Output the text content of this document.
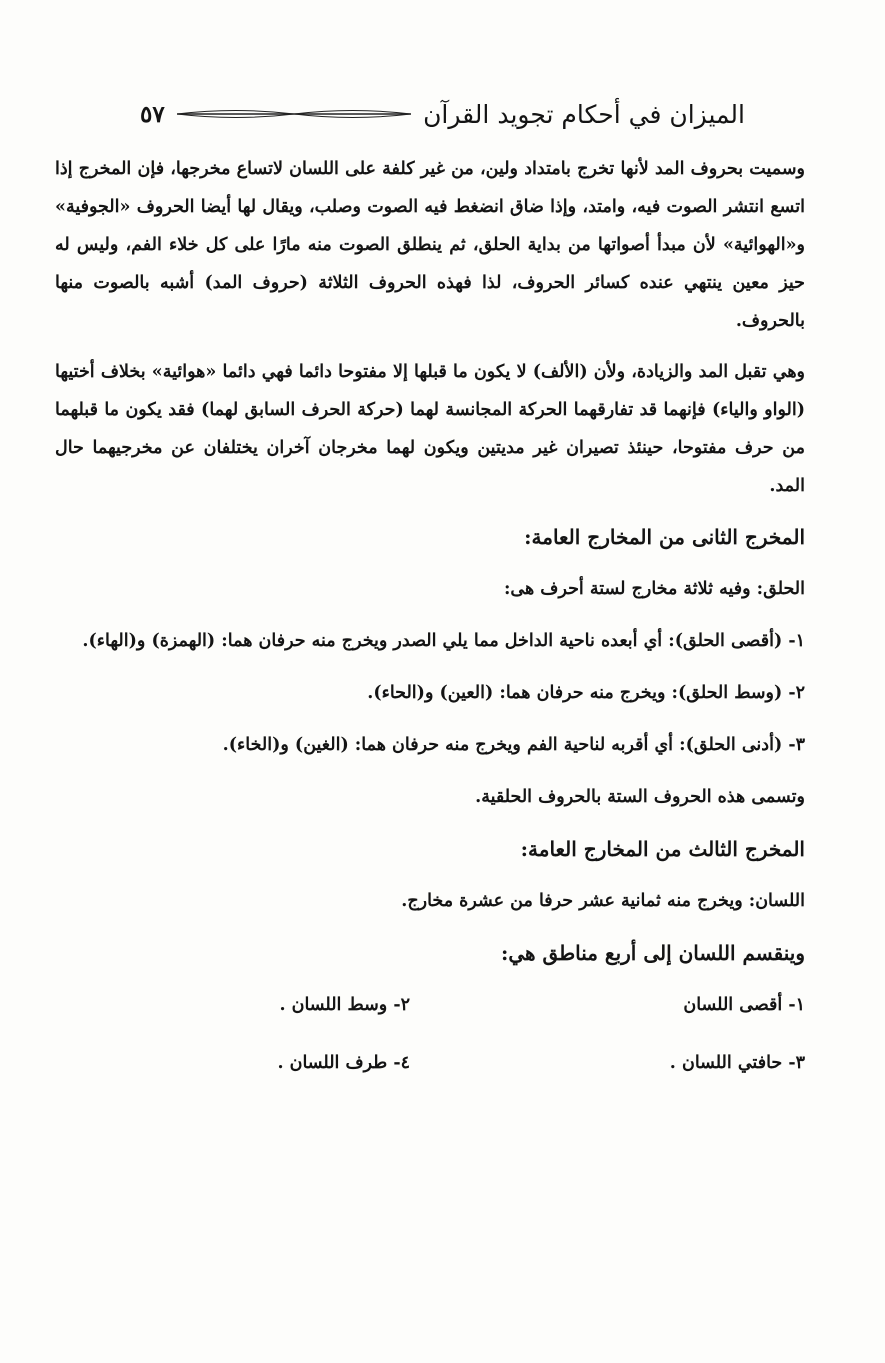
الميزان في أحكام تجويد القرآن
٥٧

وسميت بحروف المد لأنها تخرج بامتداد ولين، من غير كلفة على اللسان لاتساع مخرجها، فإن المخرج إذا اتسع انتشر الصوت فيه، وامتد، وإذا ضاق انضغط فيه الصوت وصلب، ويقال لها أيضا الحروف «الجوفية» و«الهوائية» لأن مبدأ أصواتها من بداية الحلق، ثم ينطلق الصوت منه مارًا على كل خلاء الفم، وليس له حيز معين ينتهي عنده كسائر الحروف، لذا فهذه الحروف الثلاثة (حروف المد) أشبه بالصوت منها بالحروف.

وهي تقبل المد والزيادة، ولأن (الألف) لا يكون ما قبلها إلا مفتوحا دائما فهي دائما «هوائية» بخلاف أختيها (الواو والياء) فإنهما قد تفارقهما الحركة المجانسة لهما (حركة الحرف السابق لهما) فقد يكون ما قبلهما من حرف مفتوحا، حينئذ تصيران غير مديتين ويكون لهما مخرجان آخران يختلفان عن مخرجيهما حال المد.

المخرج الثانى من المخارج العامة:

الحلق: وفيه ثلاثة مخارج لستة أحرف هى:

١- (أقصى الحلق): أي أبعده ناحية الداخل مما يلي الصدر ويخرج منه حرفان هما: (الهمزة) و(الهاء).

٢- (وسط الحلق): ويخرج منه حرفان هما: (العين) و(الحاء).

٣- (أدنى الحلق): أي أقربه لناحية الفم ويخرج منه حرفان هما: (الغين) و(الخاء).

وتسمى هذه الحروف الستة بالحروف الحلقية.

المخرج الثالث من المخارج العامة:

اللسان: ويخرج منه ثمانية عشر حرفا من عشرة مخارج.

وينقسم اللسان إلى أربع مناطق هي:
١- أقصى اللسان
٢- وسط اللسان .
٣- حافتي اللسان .
٤- طرف اللسان .
